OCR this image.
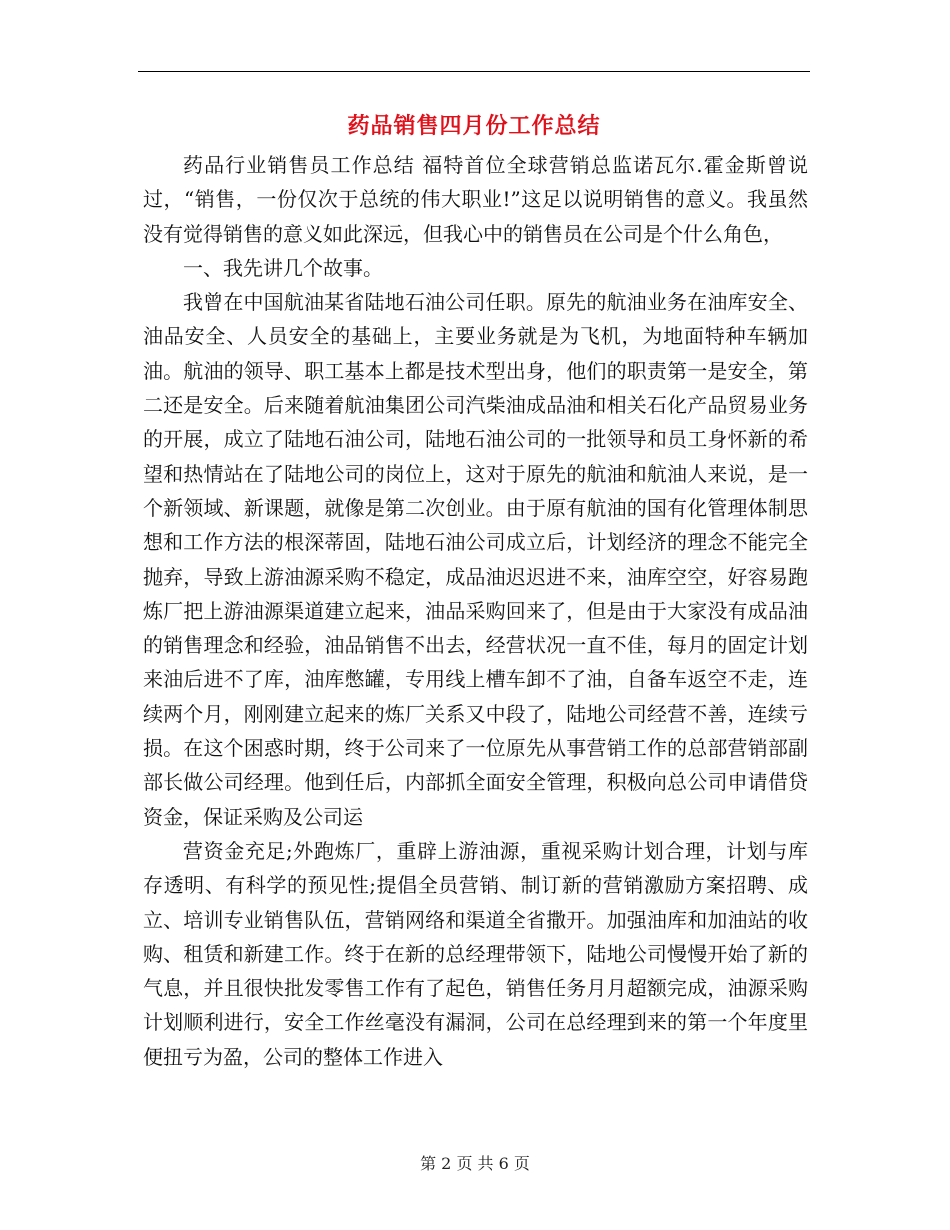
药品销售四月份工作总结

药品行业销售员工作总结 福特首位全球营销总监诺瓦尔.霍金斯曾说过，“销售，一份仅次于总统的伟大职业!”这足以说明销售的意义。我虽然没有觉得销售的意义如此深远，但我心中的销售员在公司是个什么角色，

一、我先讲几个故事。

我曾在中国航油某省陆地石油公司任职。原先的航油业务在油库安全、油品安全、人员安全的基础上，主要业务就是为飞机，为地面特种车辆加油。航油的领导、职工基本上都是技术型出身，他们的职责第一是安全，第二还是安全。后来随着航油集团公司汽柴油成品油和相关石化产品贸易业务的开展，成立了陆地石油公司，陆地石油公司的一批领导和员工身怀新的希望和热情站在了陆地公司的岗位上，这对于原先的航油和航油人来说，是一个新领域、新课题，就像是第二次创业。由于原有航油的国有化管理体制思想和工作方法的根深蒂固，陆地石油公司成立后，计划经济的理念不能完全抛弃，导致上游油源采购不稳定，成品油迟迟进不来，油库空空，好容易跑炼厂把上游油源渠道建立起来，油品采购回来了，但是由于大家没有成品油的销售理念和经验，油品销售不出去，经营状况一直不佳，每月的固定计划来油后进不了库，油库憋罐，专用线上槽车卸不了油，自备车返空不走，连续两个月，刚刚建立起来的炼厂关系又中段了，陆地公司经营不善，连续亏损。在这个困惑时期，终于公司来了一位原先从事营销工作的总部营销部副部长做公司经理。他到任后，内部抓全面安全管理，积极向总公司申请借贷资金，保证采购及公司运

营资金充足;外跑炼厂，重辟上游油源，重视采购计划合理，计划与库存透明、有科学的预见性;提倡全员营销、制订新的营销激励方案招聘、成立、培训专业销售队伍，营销网络和渠道全省撒开。加强油库和加油站的收购、租赁和新建工作。终于在新的总经理带领下，陆地公司慢慢开始了新的气息，并且很快批发零售工作有了起色，销售任务月月超额完成，油源采购计划顺利进行，安全工作丝毫没有漏洞，公司在总经理到来的第一个年度里便扭亏为盈，公司的整体工作进入

第 2 页 共 6 页
